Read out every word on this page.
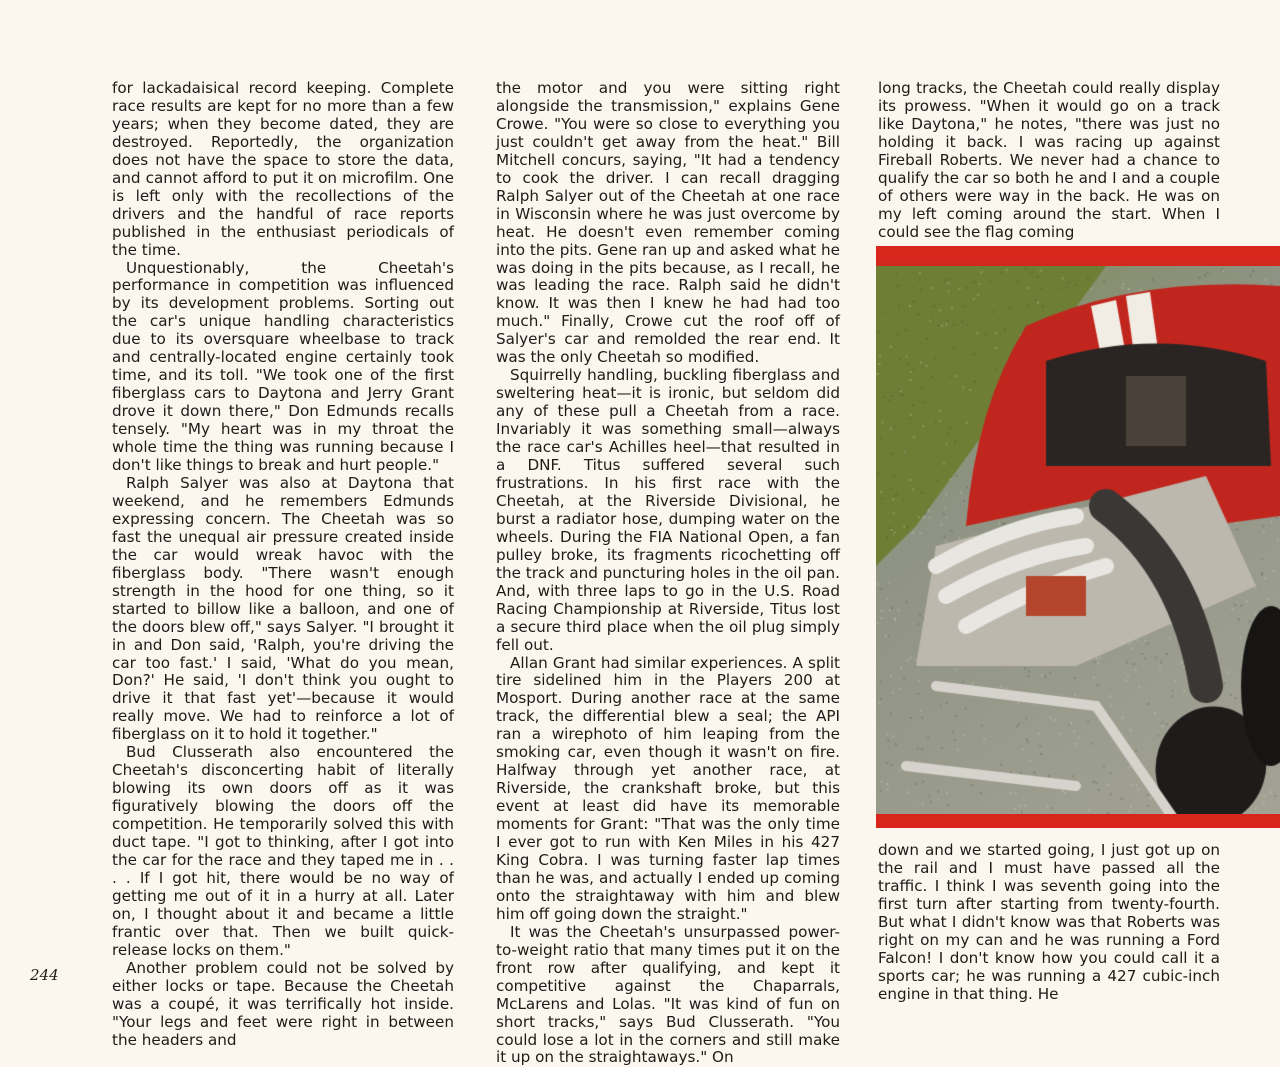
for lackadaisical record keeping. Complete race results are kept for no more than a few years; when they become dated, they are destroyed. Reportedly, the organization does not have the space to store the data, and cannot afford to put it on microfilm. One is left only with the recollections of the drivers and the handful of race reports published in the enthusiast periodicals of the time.

Unquestionably, the Cheetah's performance in competition was influenced by its development problems. Sorting out the car's unique handling characteristics due to its oversquare wheelbase to track and centrally-located engine certainly took time, and its toll. "We took one of the first fiberglass cars to Daytona and Jerry Grant drove it down there," Don Edmunds recalls tensely. "My heart was in my throat the whole time the thing was running because I don't like things to break and hurt people."

Ralph Salyer was also at Daytona that weekend, and he remembers Edmunds expressing concern. The Cheetah was so fast the unequal air pressure created inside the car would wreak havoc with the fiberglass body. "There wasn't enough strength in the hood for one thing, so it started to billow like a balloon, and one of the doors blew off," says Salyer. "I brought it in and Don said, 'Ralph, you're driving the car too fast.' I said, 'What do you mean, Don?' He said, 'I don't think you ought to drive it that fast yet'—because it would really move. We had to reinforce a lot of fiberglass on it to hold it together."

Bud Clusserath also encountered the Cheetah's disconcerting habit of literally blowing its own doors off as it was figuratively blowing the doors off the competition. He temporarily solved this with duct tape. "I got to thinking, after I got into the car for the race and they taped me in . . . . If I got hit, there would be no way of getting me out of it in a hurry at all. Later on, I thought about it and became a little frantic over that. Then we built quick-release locks on them."

Another problem could not be solved by either locks or tape. Because the Cheetah was a coupé, it was terrifically hot inside. "Your legs and feet were right in between the headers and

the motor and you were sitting right alongside the transmission," explains Gene Crowe. "You were so close to everything you just couldn't get away from the heat." Bill Mitchell concurs, saying, "It had a tendency to cook the driver. I can recall dragging Ralph Salyer out of the Cheetah at one race in Wisconsin where he was just overcome by heat. He doesn't even remember coming into the pits. Gene ran up and asked what he was doing in the pits because, as I recall, he was leading the race. Ralph said he didn't know. It was then I knew he had had too much." Finally, Crowe cut the roof off of Salyer's car and remolded the rear end. It was the only Cheetah so modified.

Squirrelly handling, buckling fiberglass and sweltering heat—it is ironic, but seldom did any of these pull a Cheetah from a race. Invariably it was something small—always the race car's Achilles heel—that resulted in a DNF. Titus suffered several such frustrations. In his first race with the Cheetah, at the Riverside Divisional, he burst a radiator hose, dumping water on the wheels. During the FIA National Open, a fan pulley broke, its fragments ricochetting off the track and puncturing holes in the oil pan. And, with three laps to go in the U.S. Road Racing Championship at Riverside, Titus lost a secure third place when the oil plug simply fell out.

Allan Grant had similar experiences. A split tire sidelined him in the Players 200 at Mosport. During another race at the same track, the differential blew a seal; the API ran a wirephoto of him leaping from the smoking car, even though it wasn't on fire. Halfway through yet another race, at Riverside, the crankshaft broke, but this event at least did have its memorable moments for Grant: "That was the only time I ever got to run with Ken Miles in his 427 King Cobra. I was turning faster lap times than he was, and actually I ended up coming onto the straightaway with him and blew him off going down the straight."

It was the Cheetah's unsurpassed power-to-weight ratio that many times put it on the front row after qualifying, and kept it competitive against the Chaparrals, McLarens and Lolas. "It was kind of fun on short tracks," says Bud Clusserath. "You could lose a lot in the corners and still make it up on the straightaways." On

long tracks, the Cheetah could really display its prowess. "When it would go on a track like Daytona," he notes, "there was just no holding it back. I was racing up against Fireball Roberts. We never had a chance to qualify the car so both he and I and a couple of others were way in the back. He was on my left coming around the start. When I could see the flag coming

down and we started going, I just got up on the rail and I must have passed all the traffic. I think I was seventh going into the first turn after starting from twenty-fourth. But what I didn't know was that Roberts was right on my can and he was running a Ford Falcon! I don't know how you could call it a sports car; he was running a 427 cubic-inch engine in that thing. He

244
